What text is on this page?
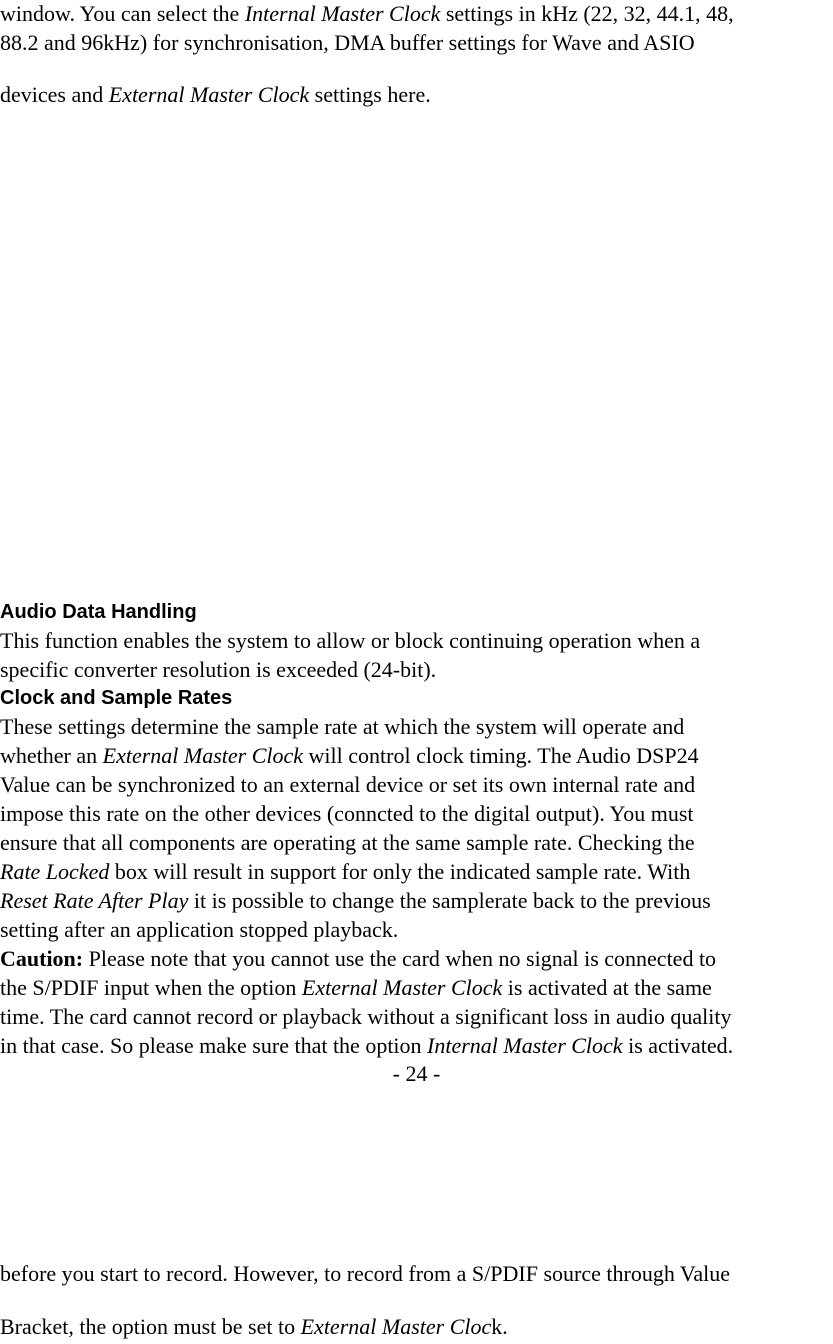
window. You can select the Internal Master Clock settings in kHz (22, 32, 44.1, 48,
88.2 and 96kHz) for synchronisation, DMA buffer settings for Wave and ASIO
devices and External Master Clock settings here.
Audio Data Handling
This function enables the system to allow or block continuing operation when a
specific converter resolution is exceeded (24-bit).
Clock and Sample Rates
These settings determine the sample rate at which the system will operate and
whether an External Master Clock will control clock timing. The Audio DSP24
Value can be synchronized to an external device or set its own internal rate and
impose this rate on the other devices (conncted to the digital output). You must
ensure that all components are operating at the same sample rate. Checking the
Rate Locked box will result in support for only the indicated sample rate. With
Reset Rate After Play it is possible to change the samplerate back to the previous
setting after an application stopped playback.
Caution: Please note that you cannot use the card when no signal is connected to
the S/PDIF input when the option External Master Clock is activated at the same
time. The card cannot record or playback without a significant loss in audio quality
in that case. So please make sure that the option Internal Master Clock is activated.
- 24 -
before you start to record. However, to record from a S/PDIF source through Value
Bracket, the option must be set to External Master Clock.
